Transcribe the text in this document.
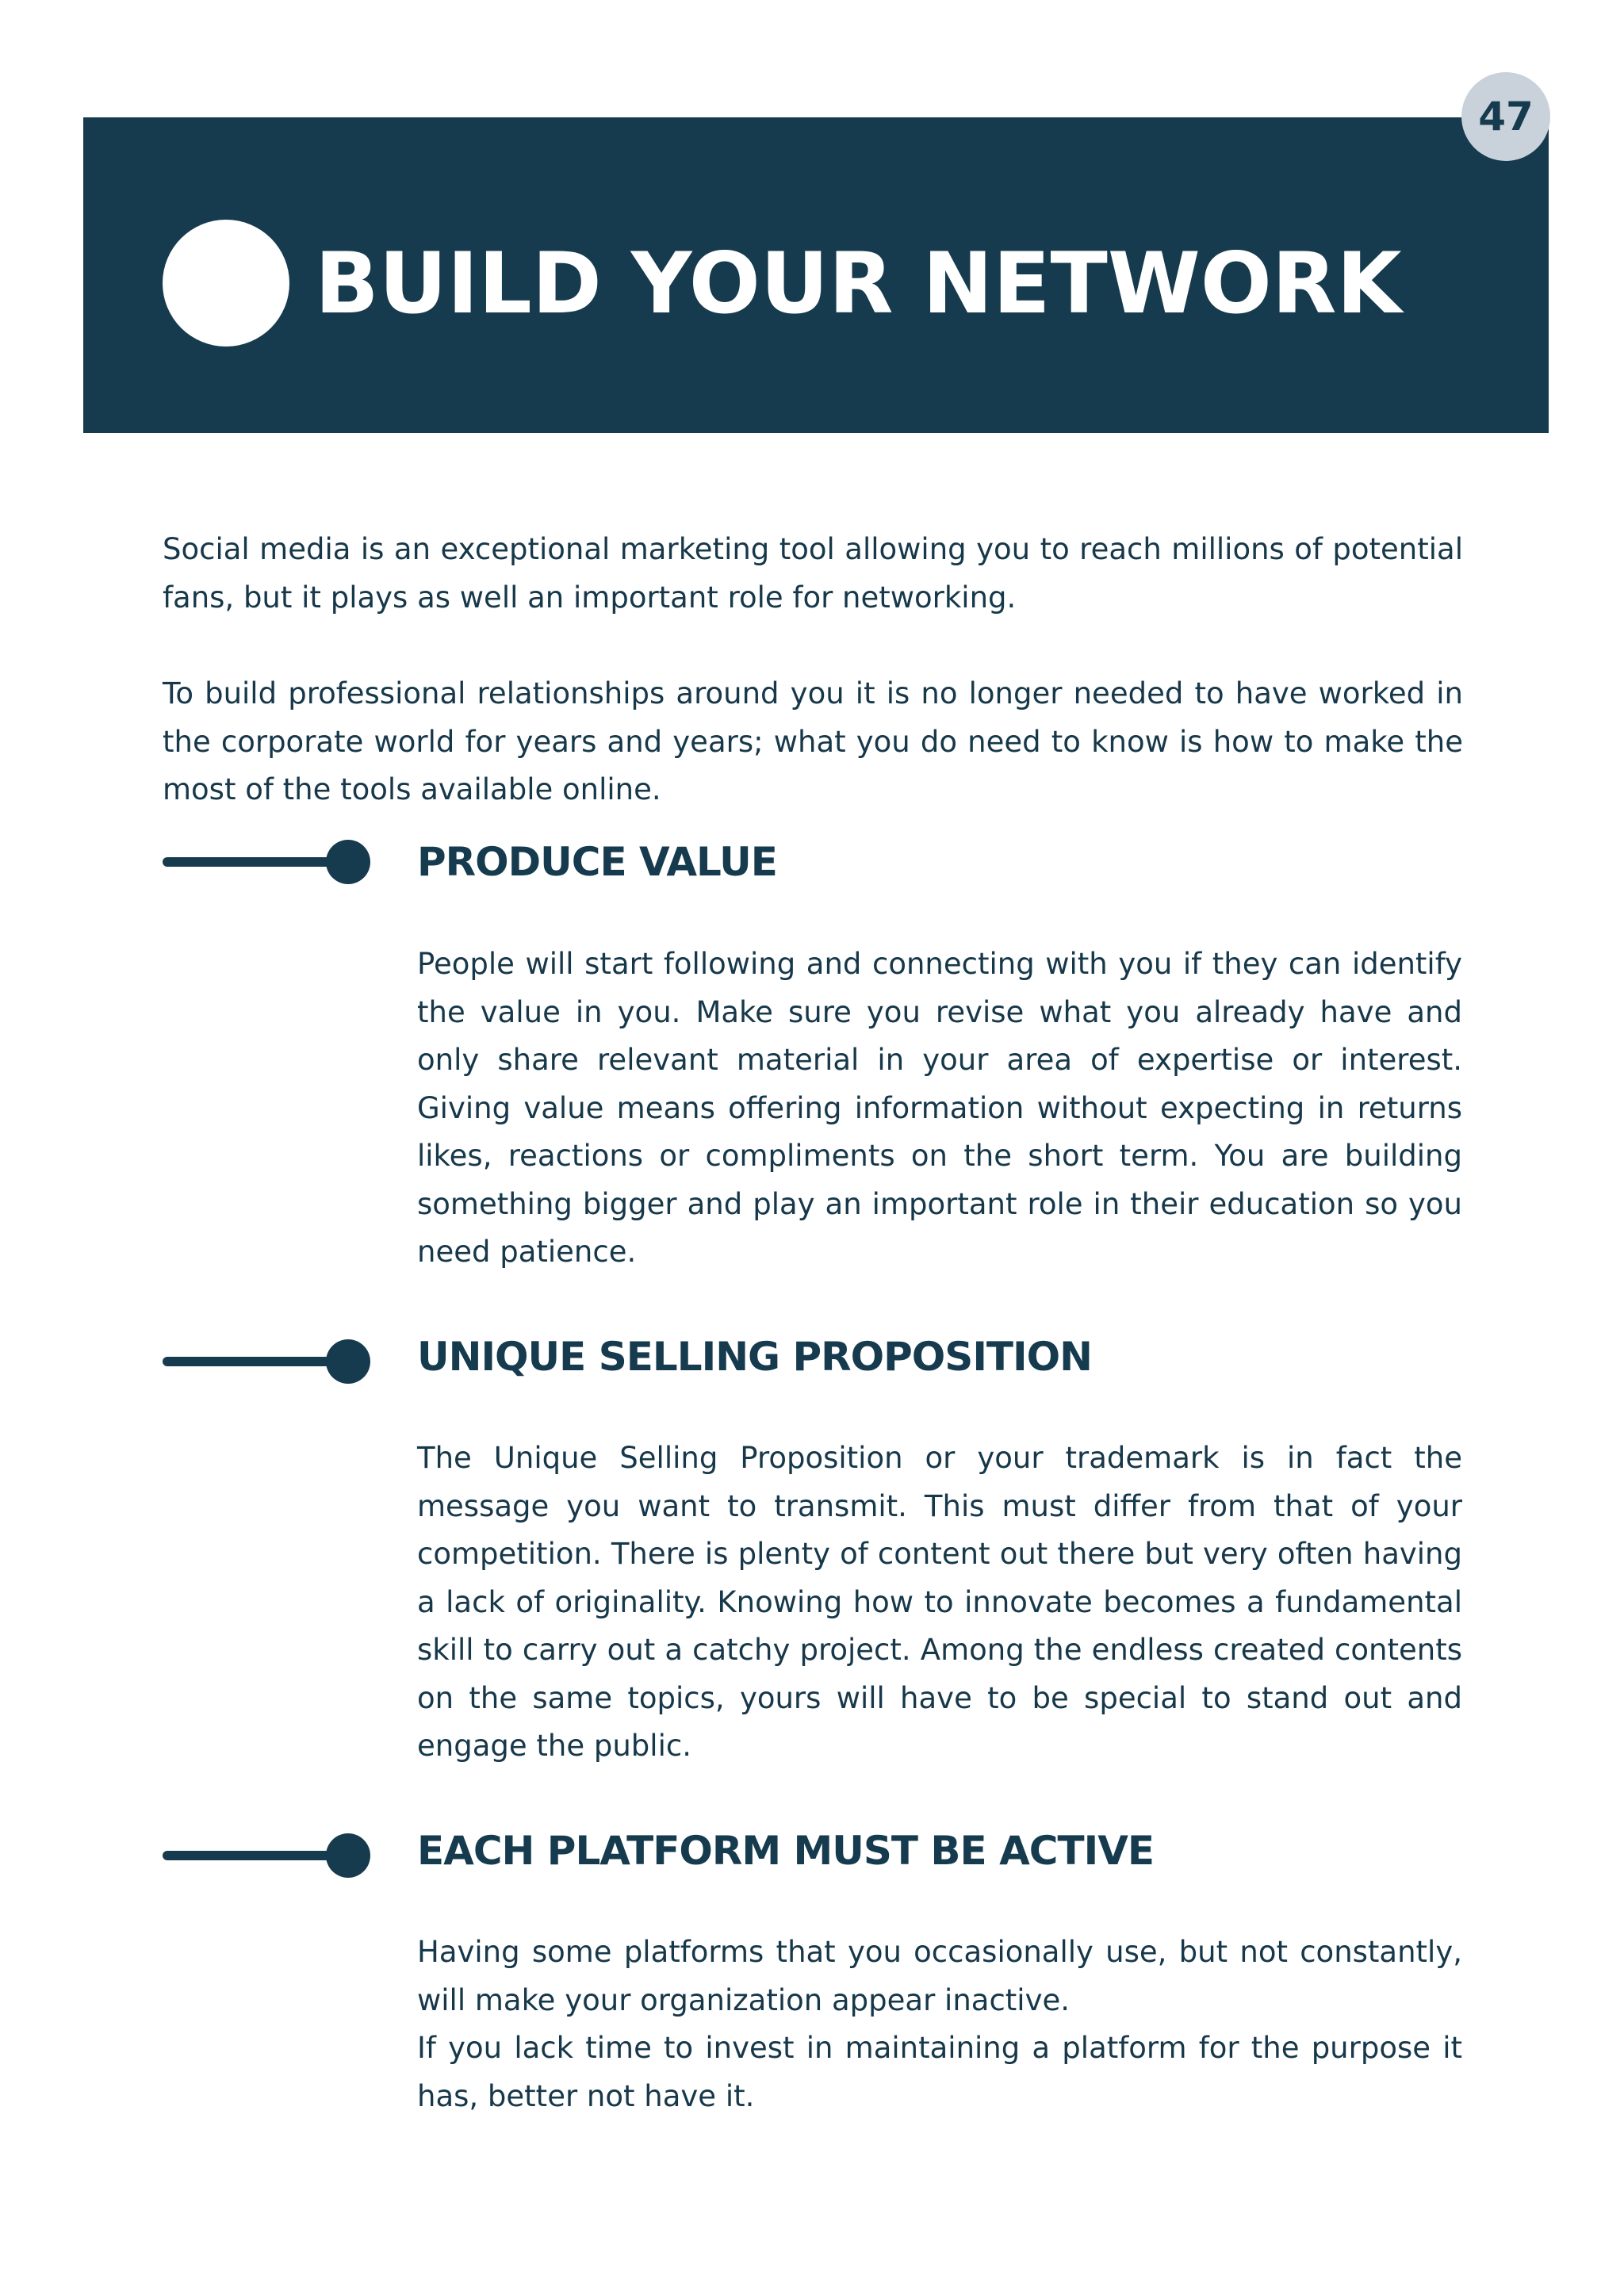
BUILD YOUR NETWORK
47

Social media is an exceptional marketing tool allowing you to reach millions of potential fans, but it plays as well an important role for networking.

To build professional relationships around you it is no longer needed to have worked in the corporate world for years and years; what you do need to know is how to make the most of the tools available online.

PRODUCE VALUE

People will start following and connecting with you if they can identify the value in you. Make sure you revise what you already have and only share relevant material in your area of expertise or interest. Giving value means offering information without expecting in returns likes, reactions or compliments on the short term. You are building something bigger and play an important role in their education so you need patience.

UNIQUE SELLING PROPOSITION

The Unique Selling Proposition or your trademark is in fact the message you want to transmit. This must differ from that of your competition. There is plenty of content out there but very often having a lack of originality. Knowing how to innovate becomes a fundamental skill to carry out a catchy project. Among the endless created contents on the same topics, yours will have to be special to stand out and engage the public.

EACH PLATFORM MUST BE ACTIVE
Having some platforms that you occasionally use, but not constantly, will make your organization appear inactive.
If you lack time to invest in maintaining a platform for the purpose it has, better not have it.
